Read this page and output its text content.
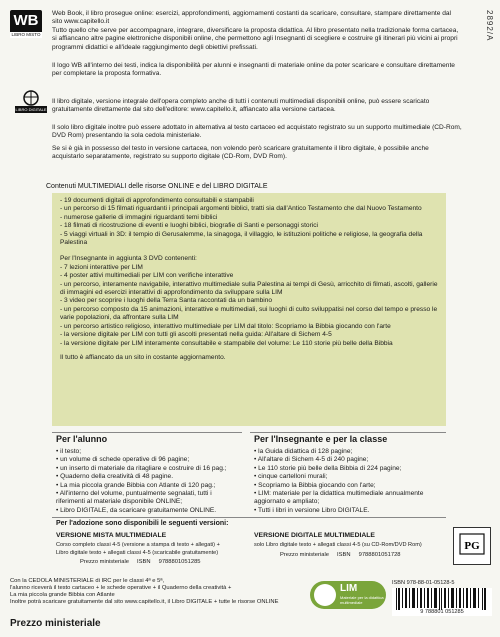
WB
LIBRO MISTO
Web Book, il libro prosegue online: esercizi, approfondimenti, aggiornamenti costanti da scaricare, consultare, stampare direttamente dal sito www.capitello.it
Tutto quello che serve per accompagnare, integrare, diversificare la proposta didattica. Al libro presentato nella tradizionale forma cartacea, si affiancano altre pagine elettroniche disponibili online, che permettono agli Insegnanti di scegliere e costruire gli itinerari più vicini ai propri programmi didattici e all'ideale raggiungimento degli obiettivi prefissati.
Il logo WB all'interno dei testi, indica la disponibilità per alunni e insegnanti di materiale online da poter scaricare e consultare direttamente per completare la proposta formativa.
LIBRO DIGITALE
Il libro digitale, versione integrale dell'opera completo anche di tutti i contenuti multimediali disponibili online, può essere scaricato gratuitamente direttamente dal sito dell'editore: www.capitello.it, affiancato alla versione cartacea.
Il solo libro digitale inoltre può essere adottato in alternativa al testo cartaceo ed acquistato registrato su un supporto multimediale (CD-Rom, DVD Rom) presentando la sola cedola ministeriale.
Se si è già in possesso del testo in versione cartacea, non volendo però scaricare gratuitamente il libro digitale, è possibile anche acquistarlo separatamente, registrato su supporto digitale (CD-Rom, DVD Rom).
2892/A
Contenuti MULTIMEDIALI delle risorse ONLINE e del LIBRO DIGITALE
- 19 documenti digitali di approfondimento consultabili e stampabili
- un percorso di 15 filmati riguardanti i principali argomenti biblici, tratti sia dall'Antico Testamento che dal Nuovo Testamento
- numerose gallerie di immagini riguardanti temi biblici
- 18 filmati di ricostruzione di eventi e luoghi biblici, biografie di Santi e personaggi storici
- 5 viaggi virtuali in 3D: il tempio di Gerusalemme, la sinagoga, il villaggio, le istituzioni politiche e religiose, la geografia della Palestina
Per l'Insegnante in aggiunta 3 DVD contenenti:
- 7 lezioni interattive per LIM
- 4 poster attivi multimediali per LIM con verifiche interattive
- un percorso, interamente navigabile, interattivo multimediale sulla Palestina ai tempi di Gesù, arricchito di filmati, ascolti, gallerie di immagini ed esercizi interattivi di approfondimento da sviluppare sulla LIM
- 3 video per scoprire i luoghi della Terra Santa raccontati da un bambino
- un percorso composto da 15 animazioni, interattive e multimediali, sui luoghi di culto sviluppatisi nel corso del tempo e presso le varie popolazioni, da affrontare sulla LIM
- un percorso artistico religioso, interattivo multimediale per LIM dal titolo: Scopriamo la Bibbia giocando con l'arte
- la versione digitale per LIM con tutti gli ascolti presentati nella guida: All'altare di Sichem 4-5
- la versione digitale per LIM interamente consultabile e stampabile del volume: Le 110 storie più belle della Bibbia
Il tutto è affiancato da un sito in costante aggiornamento.
Per l'alunno
• il testo;
• un volume di schede operative di 96 pagine;
• un inserto di materiale da ritagliare e costruire di 16 pag.;
• Quaderno della creatività di 48 pagine.
• La mia piccola grande Bibbia con Atlante di 120 pag.;
• All'interno del volume, puntualmente segnalati, tutti i riferimenti al materiale disponibile ONLINE;
• Libro DIGITALE, da scaricare gratuitamente ONLINE.
Per l'Insegnante e per la classe
• la Guida didattica di 128 pagine;
• All'altare di Sichem 4-5 di 240 pagine;
• Le 110 storie più belle della Bibbia di 224 pagine;
• cinque cartelloni murali;
• Scopriamo la Bibbia giocando con l'arte;
• LIM: materiale per la didattica multimediale annualmente aggiornato e ampliato;
• Tutti i libri in versione Libro DIGITALE.
Per l'adozione sono disponibili le seguenti versioni:
VERSIONE MISTA MULTIMEDIALE
Corso completo classi 4-5 (versione a stampa di testo + allegati) +
Libro digitale testo + allegati classi 4-5 (scaricabile gratuitamente)
Prezzo ministeriale     ISBN     9788801051285
VERSIONE DIGITALE MULTIMEDIALE
solo Libro digitale testo + allegati classi 4-5 (su CD-Rom/DVD Rom)
Prezzo ministeriale     ISBN     9788801051728
PG
Con la CEDOLA MINISTERIALE di IRC per le classi 4ª e 5ª,
l'alunno riceverà il testo cartaceo + le schede operative + il Quaderno della creatività +
La mia piccola grande Bibbia con Atlante
Inoltre potrà scaricare gratuitamente dal sito www.capitello.it, il Libro DIGITALE + tutte le risorse ONLINE
LIM
Materiale per la didattica multimediale
ISBN 978-88-01-05128-5
9 788801 051285
Prezzo ministeriale
